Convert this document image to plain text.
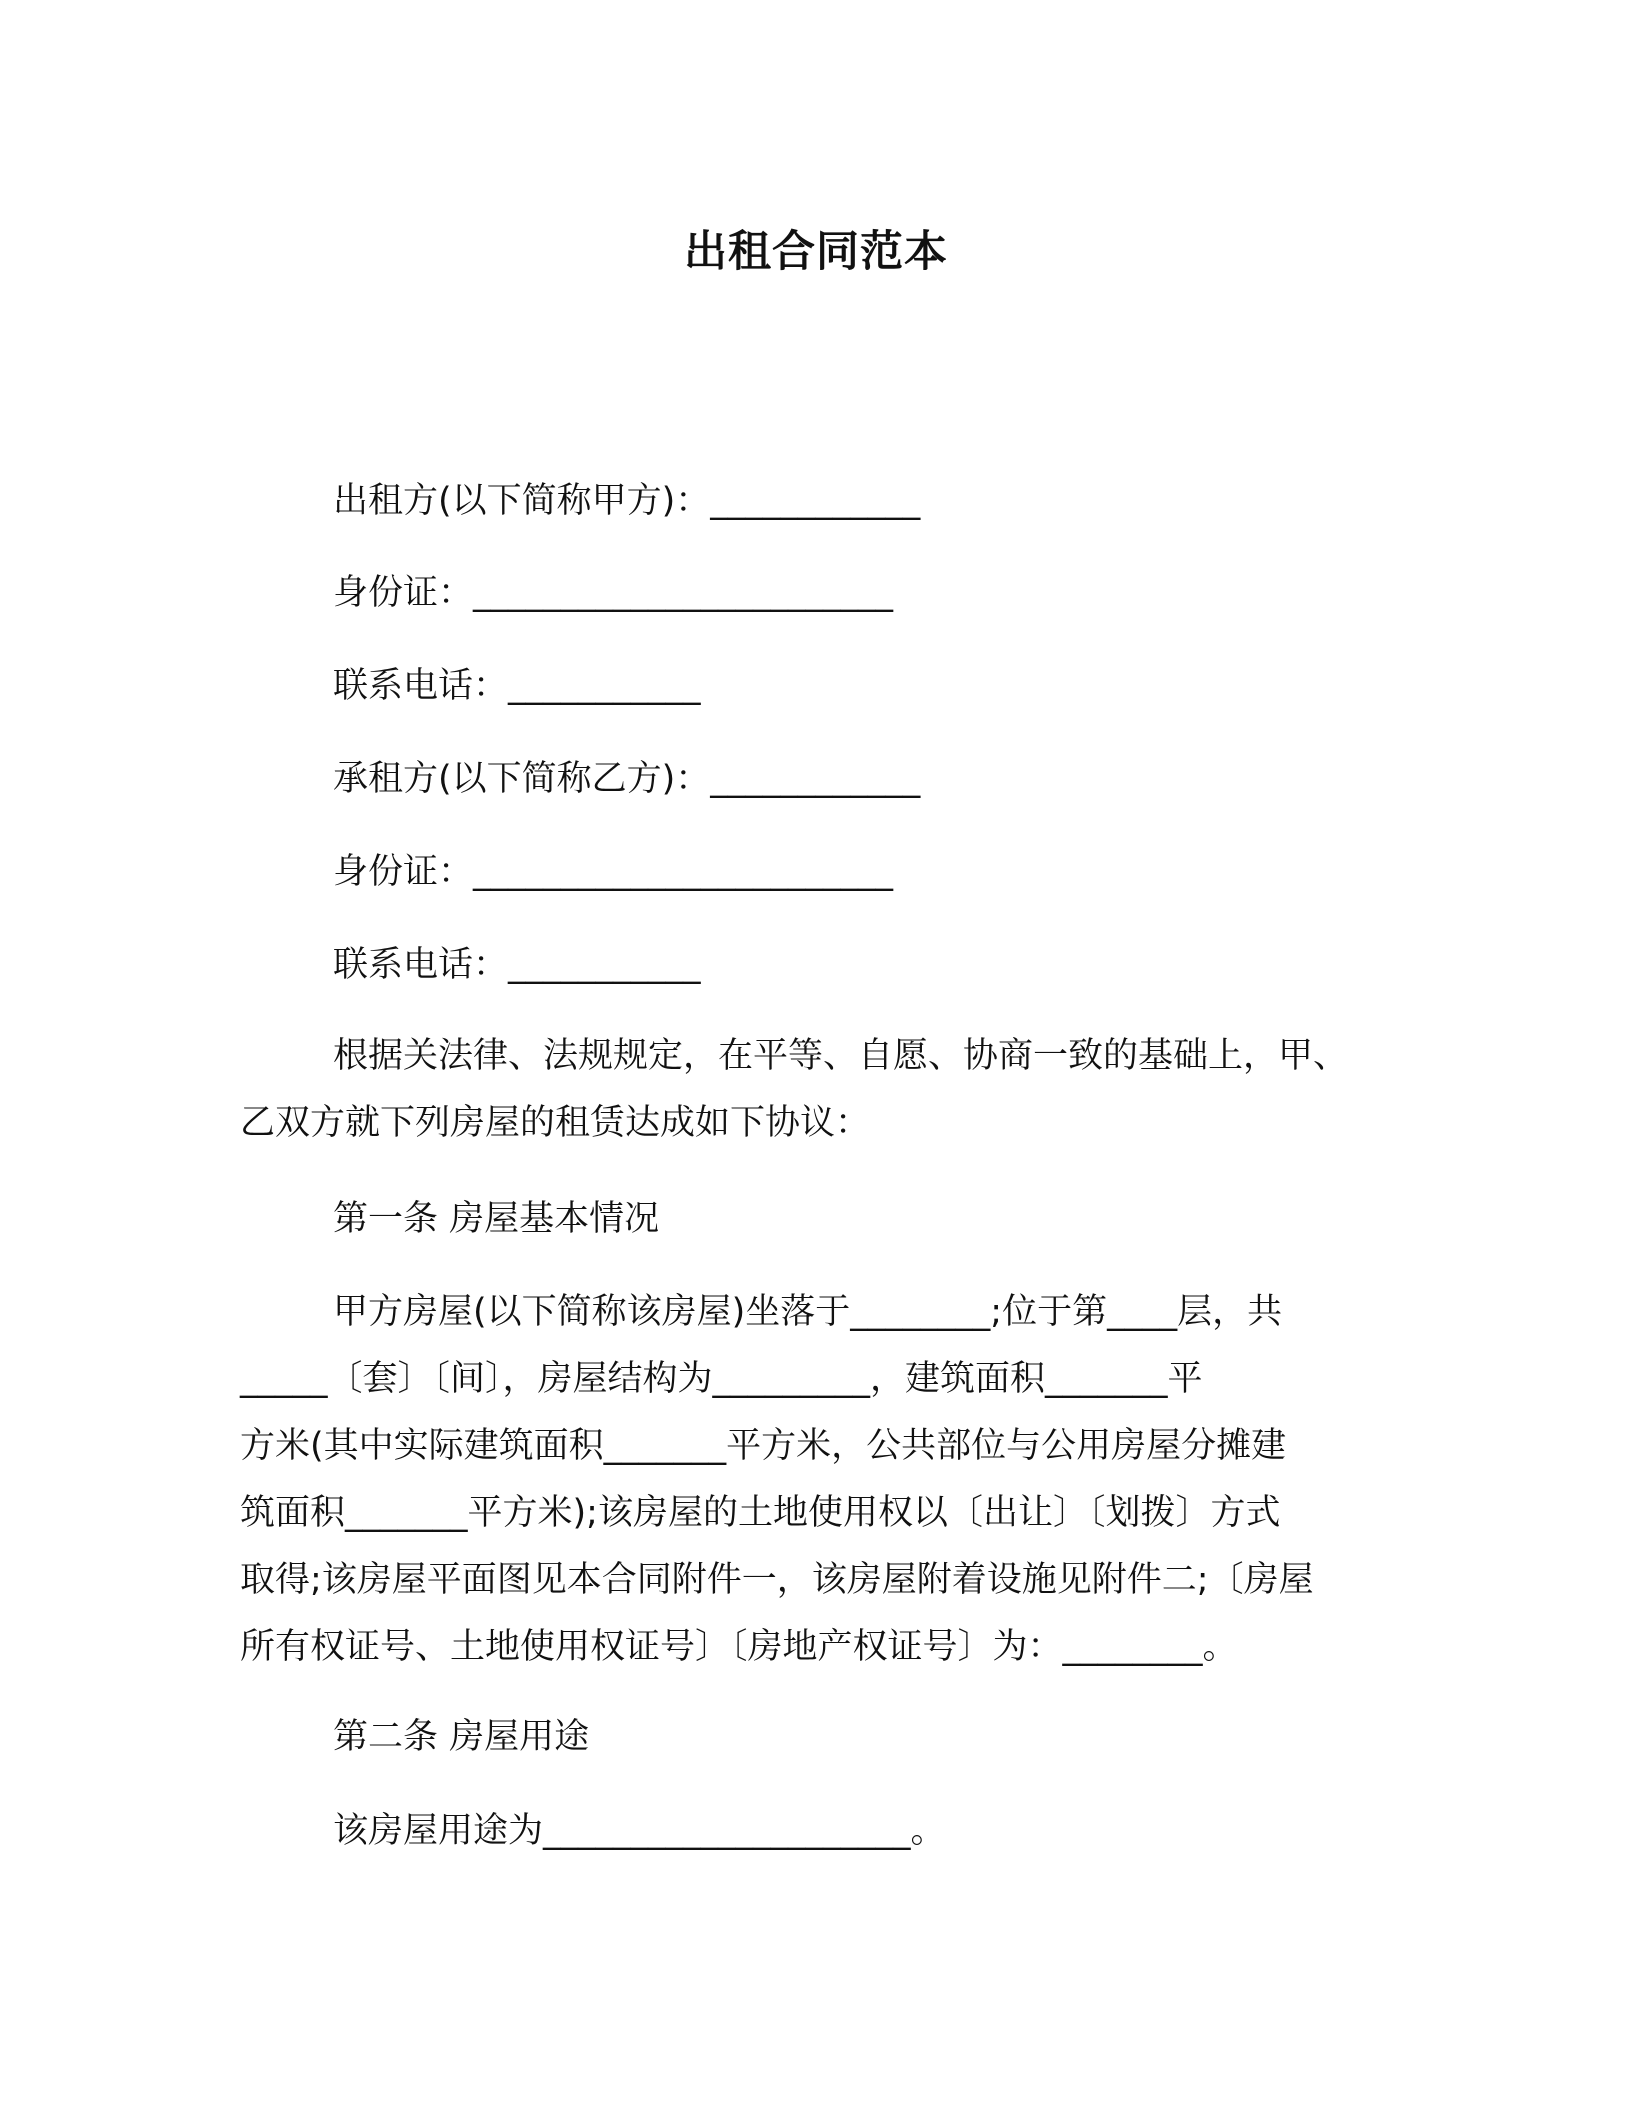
出租合同范本
出租方(以下简称甲方)：____________
身份证：________________________
联系电话：___________
承租方(以下简称乙方)：____________
身份证：________________________
联系电话：___________
根据关法律、法规规定，在平等、自愿、协商一致的基础上，甲、
乙双方就下列房屋的租赁达成如下协议：
第一条 房屋基本情况
甲方房屋(以下简称该房屋)坐落于________;位于第____层，共
_____〔套〕〔间〕，房屋结构为_________，建筑面积_______平
方米(其中实际建筑面积_______平方米，公共部位与公用房屋分摊建
筑面积_______平方米);该房屋的土地使用权以〔出让〕〔划拨〕方式
取得;该房屋平面图见本合同附件一，该房屋附着设施见附件二;〔房屋
所有权证号、土地使用权证号〕〔房地产权证号〕为：________。
第二条 房屋用途
该房屋用途为_____________________。
